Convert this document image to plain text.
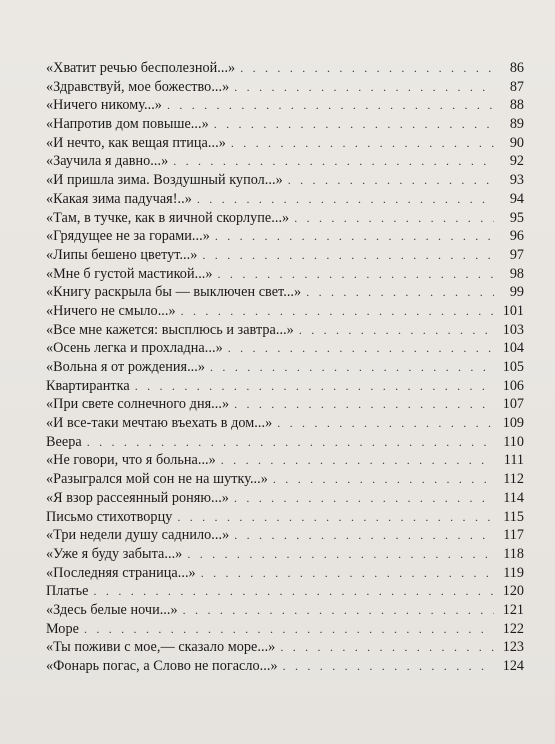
«Хватит речью бесполезной...» . . .	86
«Здравствуй, мое божество...» . . .	87
«Ничего никому...» . . .	88
«Напротив дом повыше...» . . .	89
«И нечто, как вещая птица...» . . .	90
«Заучила я давно...» . . .	92
«И пришла зима. Воздушный купол...» . . .	93
«Какая зима падучая!..» . . .	94
«Там, в тучке, как в яичной скорлупе...» . . .	95
«Грядущее не за горами...» . . .	96
«Липы бешено цветут...» . . .	97
«Мне б густой мастикой...» . . .	98
«Книгу раскрыла бы — выключен свет...» . . .	99
«Ничего не смыло...» . . .	101
«Все мне кажется: высплюсь и завтра...» . . .	103
«Осень легка и прохладна...» . . .	104
«Вольна я от рождения...» . . .	105
Квартирантка . . .	106
«При свете солнечного дня...» . . .	107
«И все-таки мечтаю въехать в дом...» . . .	109
Веера . . .	110
«Не говори, что я больна...» . . .	111
«Разыгрался мой сон не на шутку...» . . .	112
«Я взор рассеянный роняю...» . . .	114
Письмо стихотворцу . . .	115
«Три недели душу саднило...» . . .	117
«Уже я буду забыта...» . . .	118
«Последняя страница...» . . .	119
Платье . . .	120
«Здесь белые ночи...» . . .	121
Море . . .	122
«Ты поживи с мое,— сказало море...» . . .	123
«Фонарь погас, а Слово не погасло...» . . .	124
